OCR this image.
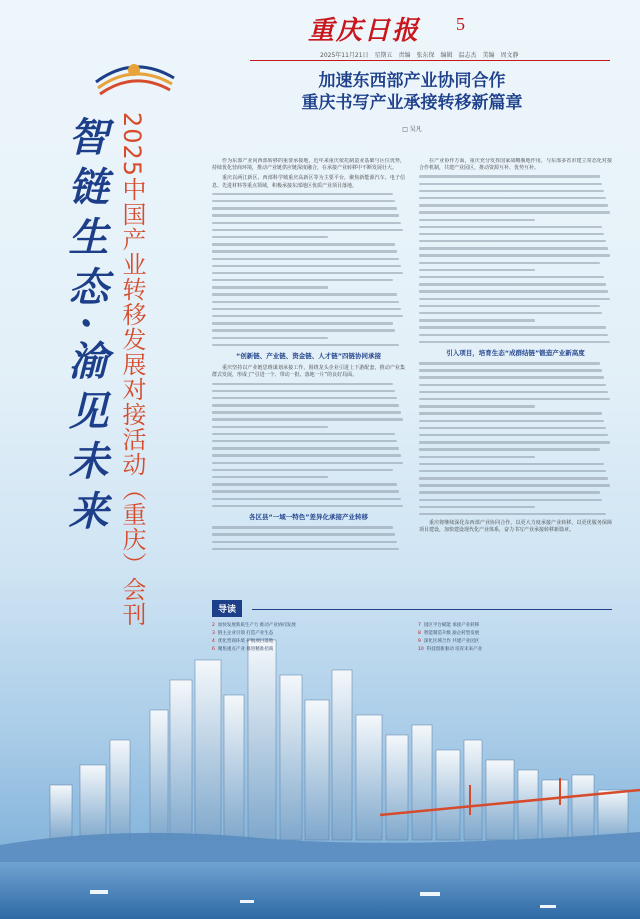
重庆日报 5
2025年11月21日　星期五　责编　张东保　编辑　温志杰　美编　周文静
智链生态·渝见未来 2025中国产业转移发展对接活动（重庆）会刊
加速东西部产业协同合作
重庆书写产业承接转移新篇章
□ 吴凡

作为东部产业向西部转移的重要承接地，近年来重庆依托制造业基础与区位优势，持续优化营商环境，推动产业链供应链深度融合，在承接产业转移中不断发展壮大。

重庆以两江新区、西部科学城重庆高新区等为主要平台，聚焦新能源汽车、电子信息、先进材料等重点领域，积极承接东部地区优质产业项目落地。

“创新链、产业链、资金链、人才链”四链协同承接

重庆坚持以产业链思维谋划承接工作，围绕龙头企业引进上下游配套，推动产业集群式发展，形成了“引进一个、带动一批、落地一片”的良好局面。

各区县“一域一特色”差异化承接产业转移

在产业协作方面，重庆充分发挥国家战略腹地作用，与东部多省市建立常态化对接合作机制，共建产业园区，推动资源互补、优势互补。

引入项目，培育生态“成群结链”锻造产业新高度

重庆将继续深化东西部产业协同合作，以更大力度承接产业转移，以更优服务保障项目建设，加快建设现代化产业体系，奋力书写产业承接转移新篇章。

导读
2 加快发展新质生产力 推动产业协同发展	7 园区平台赋能 承接产业转移
3 链主企业引领 打造产业生态	8 智能制造升级 渝企转型发展
4 优化营商环境 护航项目落地	9 深化区域合作 共建产业园区
6 聚焦重点产业 推进精准招商	10 科技创新驱动 培育未来产业
